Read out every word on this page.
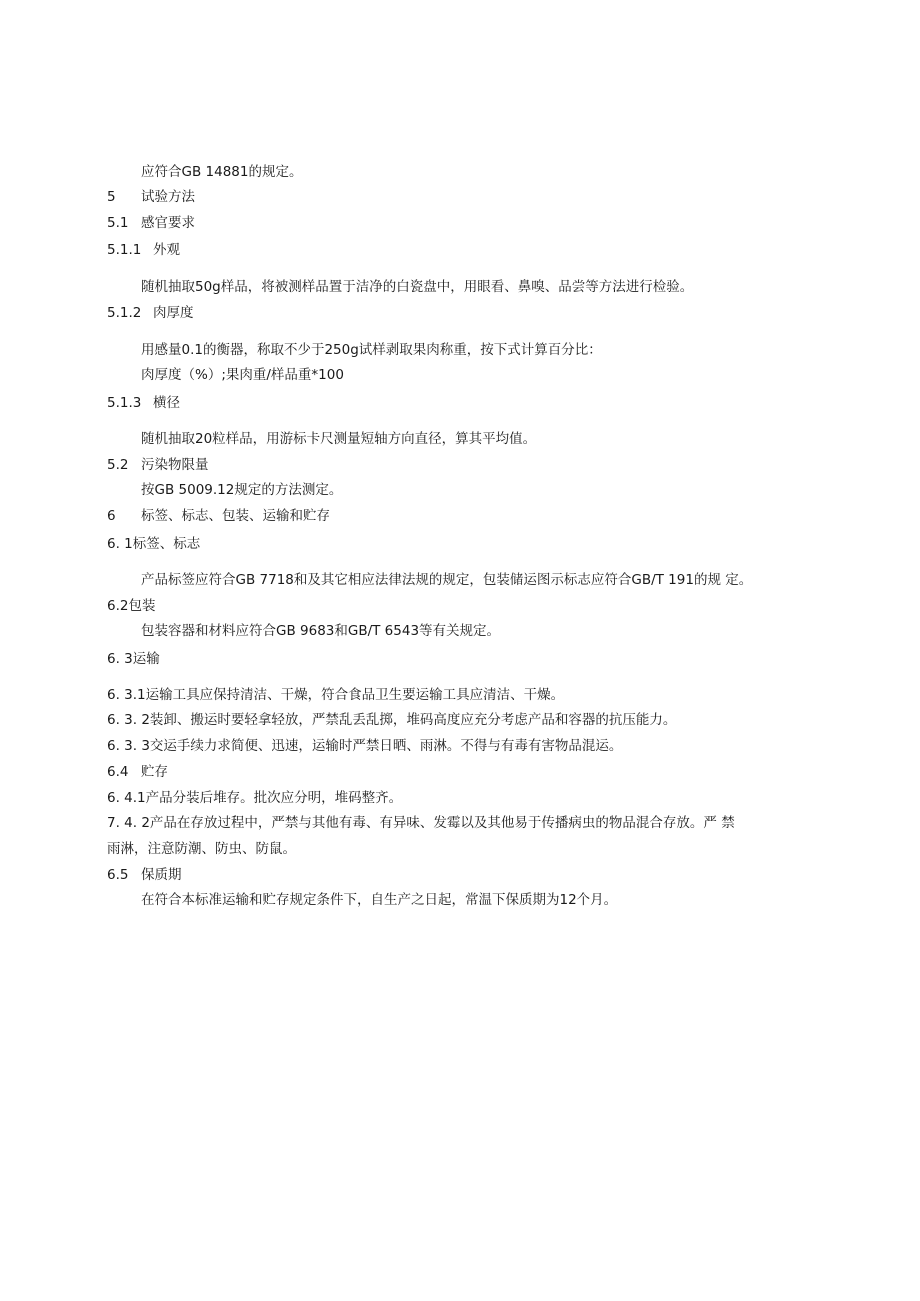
应符合GB 14881的规定。
5 试验方法
5.1 感官要求
5.1.1 外观
随机抽取50g样品，将被测样品置于洁净的白瓷盘中，用眼看、鼻嗅、品尝等方法进行检验。
5.1.2 肉厚度
用感量0.1的衡器，称取不少于250g试样剥取果肉称重，按下式计算百分比：
肉厚度（%）;果肉重/样品重*100
5.1.3 横径
随机抽取20粒样品，用游标卡尺测量短轴方向直径，算其平均值。
5.2 污染物限量
按GB 5009.12规定的方法测定。
6 标签、标志、包装、运输和贮存
6. 1标签、标志
产品标签应符合GB 7718和及其它相应法律法规的规定，包装储运图示标志应符合GB/T 191的规 定。
6.2包装
包装容器和材料应符合GB 9683和GB/T 6543等有关规定。
6. 3运输
6. 3.1运输工具应保持清洁、干燥，符合食品卫生要运输工具应清洁、干燥。
6. 3. 2装卸、搬运时要轻拿轻放，严禁乱丢乱掷，堆码高度应充分考虑产品和容器的抗压能力。
6. 3. 3交运手续力求简便、迅速，运输时严禁日晒、雨淋。不得与有毒有害物品混运。
6.4 贮存
6. 4.1产品分装后堆存。批次应分明，堆码整齐。
7. 4. 2产品在存放过程中，严禁与其他有毒、有异味、发霉以及其他易于传播病虫的物品混合存放。严 禁
雨淋，注意防潮、防虫、防鼠。
6.5 保质期
在符合本标准运输和贮存规定条件下，自生产之日起，常温下保质期为12个月。
